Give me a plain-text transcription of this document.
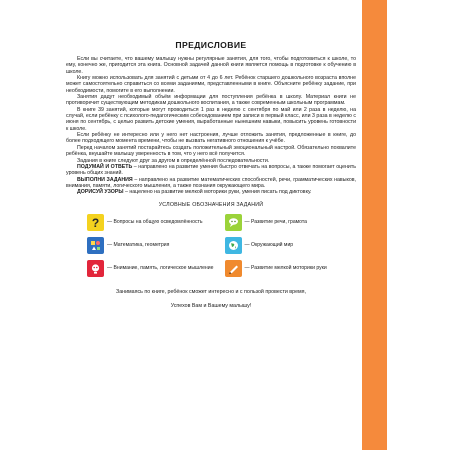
ПРЕДИСЛОВИЕ

Если вы считаете, что вашему малышу нужны регулярные занятия, для того, чтобы подготовиться к школе, то ему, конечно же, пригодится эта книга. Основной задачей данной книги является помощь в подготовке к обучению в школе.

Книгу можно использовать для занятий с детьми от 4 до 6 лет. Ребёнок старшего дошкольного возраста вполне может самостоятельно справиться со всеми заданиями, представленными в книге. Объясните ребёнку задание, при необходимости, помогите в его выполнении.

Занятия дадут необходимый объём информации для поступления ребёнка в школу. Материал книги не противоречит существующим методикам дошкольного воспитания, а также современным школьным программам.

В книге 39 занятий, которые могут проводиться 1 раз в неделю с сентября по май или 2 раза в неделю, на случай, если ребёнку с психолого-педагогическим собеседованием при записи в первый класс, или 3 раза в неделю с июня по сентябрь, с целью развить детские умения, выработанные нынешним навыки, повысить уровень готовности к школе.

Если ребёнку не интересно или у него нет настроения, лучше отложить занятия, предложенные в книге, до более подходящего момента времени, чтобы не вызвать негативного отношения к учёбе.

Перед началом занятий постарайтесь создать положительный эмоциональный настрой. Обязательно похвалите ребёнка, внушайте малышу уверенность в том, что у него всё получится.

Задания в книге следуют друг за другом в определённой последовательности.

ПОДУМАЙ И ОТВЕТЬ – направлено на развитие умения быстро отвечать на вопросы, а также помогает оценить уровень общих знаний.

ВЫПОЛНИ ЗАДАНИЯ – направлено на развитие математических способностей, речи, грамматических навыков, внимания, памяти, логического мышления, а также познания окружающего мира.

ДОРИСУЙ УЗОРЫ – нацелено на развитие мелкой моторики руки, умения писать под диктовку.

УСЛОВНЫЕ ОБОЗНАЧЕНИЯ ЗАДАНИЙ
? — Вопросы на общую осведомлённость	— Развитие речи, грамота
— Математика, геометрия	— Окружающий мир
— Внимание, память, логическое мышление	— Развитие мелкой моторики руки

Занимаясь по книге, ребёнок сможет интересно и с пользой провести время,

Успехов Вам и Вашему малышу!
